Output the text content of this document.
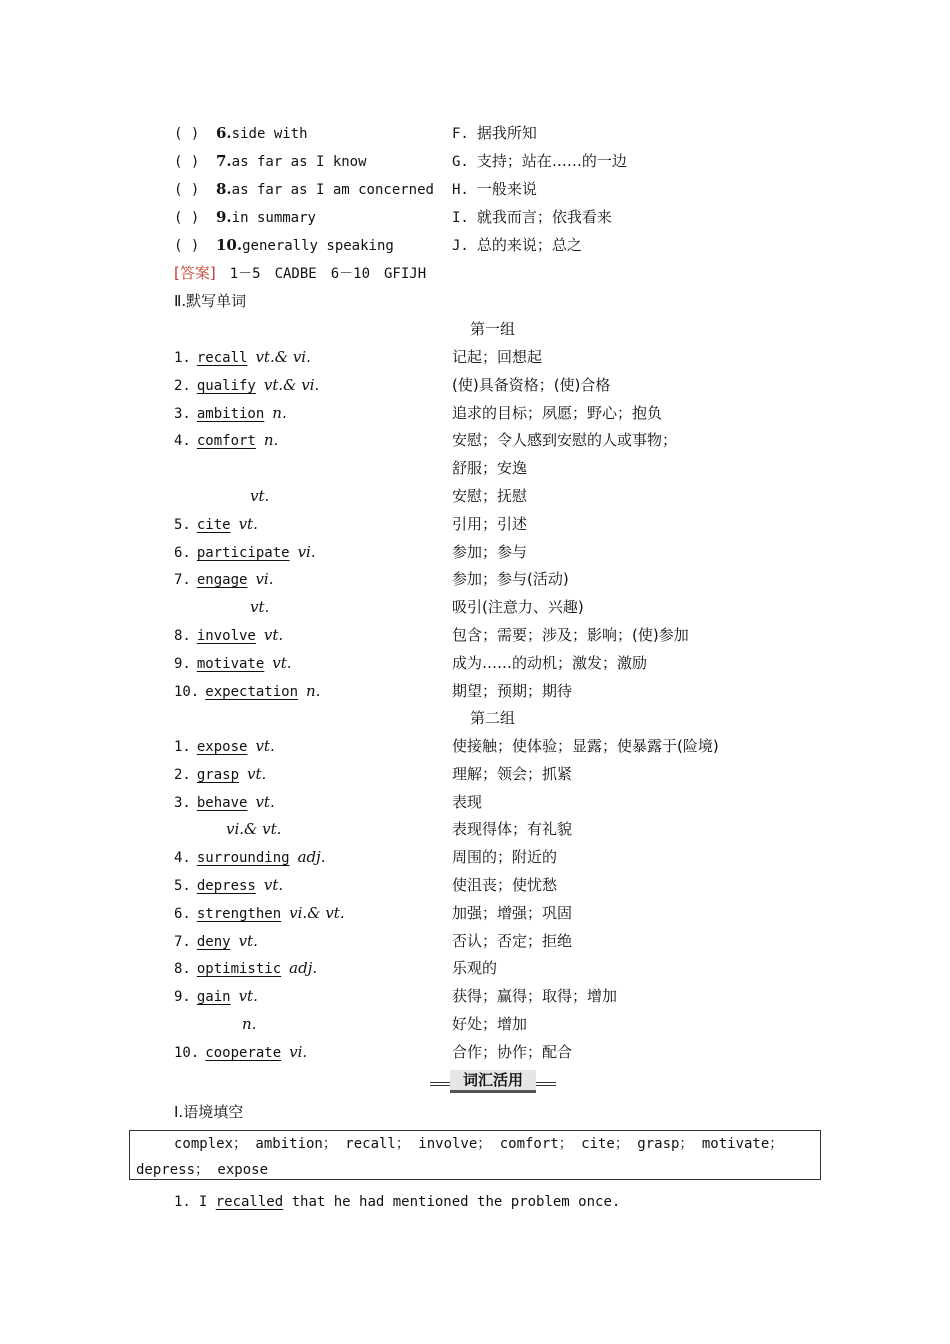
( ) 6.side with	F. 据我所知
( ) 7.as far as I know	G. 支持；站在……的一边
( ) 8.as far as I am concerned H. 一般来说
( ) 9.in summary	I. 就我而言；依我看来
( ) 10.generally speaking	J. 总的来说；总之
[答案] 1－5　CADBE　6－10　GFIJH
Ⅱ.默写单词
第一组
1. recall vt.& vi.	记起；回想起
2. qualify vt.& vi.	(使)具备资格；(使)合格
3. ambition n.	追求的目标；夙愿；野心；抱负
4. comfort n.	安慰；令人感到安慰的人或事物；
舒服；安逸
vt.	安慰；抚慰
5. cite vt.	引用；引述
6. participate vi.	参加；参与
7. engage vi.	参加；参与(活动)
vt.	吸引(注意力、兴趣)
8. involve vt.	包含；需要；涉及；影响；(使)参加
9. motivate vt.	成为……的动机；激发；激励
10. expectation n.	期望；预期；期待
第二组
1. expose vt.	使接触；使体验；显露；使暴露于(险境)
2. grasp vt.	理解；领会；抓紧
3. behave vt.	表现
vi.& vt.	表现得体；有礼貌
4. surrounding adj.	周围的；附近的
5. depress vt.	使沮丧；使忧愁
6. strengthen vi.& vt.	加强；增强；巩固
7. deny vt.	否认；否定；拒绝
8. optimistic adj.	乐观的
9. gain vt.	获得；赢得；取得；增加
n.	好处；增加
10. cooperate vi.	合作；协作；配合
词汇活用
Ⅰ.语境填空
complex； ambition； recall； involve； comfort； cite； grasp； motivate；
depress； expose
1. I recalled that he had mentioned the problem once.
